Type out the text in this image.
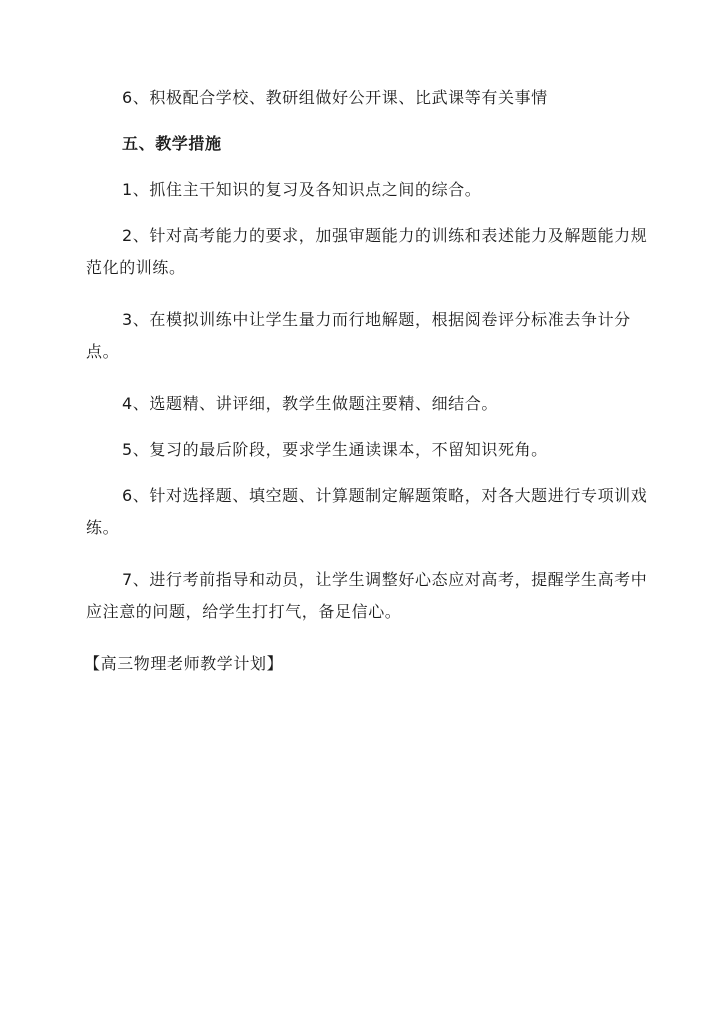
6、积极配合学校、教研组做好公开课、比武课等有关事情

五、教学措施

1、抓住主干知识的复习及各知识点之间的综合。

2、针对高考能力的要求，加强审题能力的训练和表述能力及解题能力规范化的训练。

3、在模拟训练中让学生量力而行地解题，根据阅卷评分标准去争计分点。

4、选题精、讲评细，教学生做题注要精、细结合。

5、复习的最后阶段，要求学生通读课本，不留知识死角。

6、针对选择题、填空题、计算题制定解题策略，对各大题进行专项训戏练。

7、进行考前指导和动员，让学生调整好心态应对高考，提醒学生高考中应注意的问题，给学生打打气，备足信心。

【高三物理老师教学计划】
